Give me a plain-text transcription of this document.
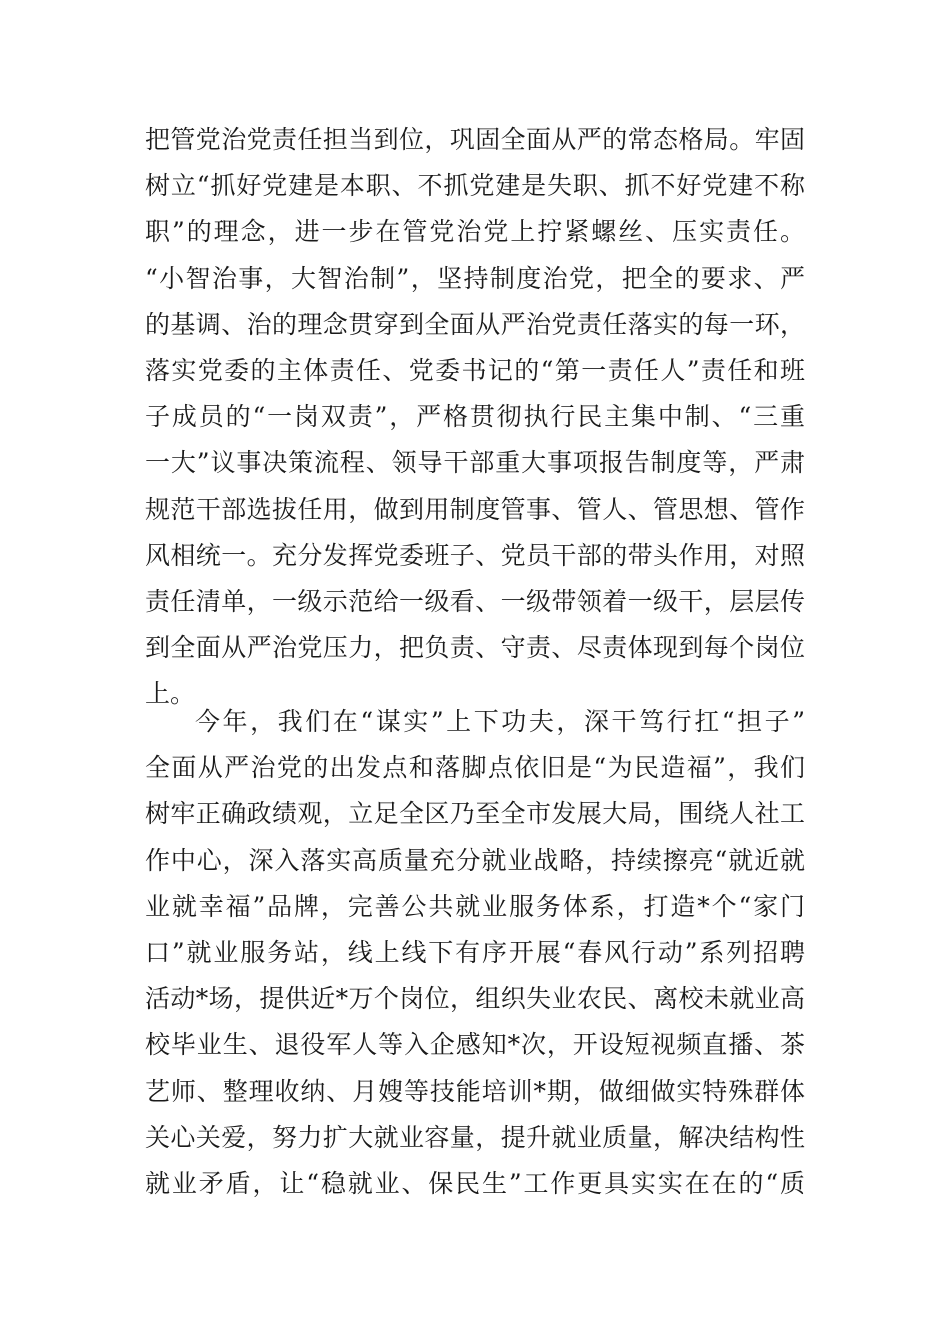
把管党治党责任担当到位，巩固全面从严的常态格局。牢固
树立“抓好党建是本职、不抓党建是失职、抓不好党建不称
职”的理念，进一步在管党治党上拧紧螺丝、压实责任。
“小智治事，大智治制”，坚持制度治党，把全的要求、严
的基调、治的理念贯穿到全面从严治党责任落实的每一环，
落实党委的主体责任、党委书记的“第一责任人”责任和班
子成员的“一岗双责”，严格贯彻执行民主集中制、“三重
一大”议事决策流程、领导干部重大事项报告制度等，严肃
规范干部选拔任用，做到用制度管事、管人、管思想、管作
风相统一。充分发挥党委班子、党员干部的带头作用，对照
责任清单，一级示范给一级看、一级带领着一级干，层层传
到全面从严治党压力，把负责、守责、尽责体现到每个岗位
上。
今年，我们在“谋实”上下功夫，深干笃行扛“担子”
全面从严治党的出发点和落脚点依旧是“为民造福”，我们
树牢正确政绩观，立足全区乃至全市发展大局，围绕人社工
作中心，深入落实高质量充分就业战略，持续擦亮“就近就
业就幸福”品牌，完善公共就业服务体系，打造*个“家门
口”就业服务站，线上线下有序开展“春风行动”系列招聘
活动*场，提供近*万个岗位，组织失业农民、离校未就业高
校毕业生、退役军人等入企感知*次，开设短视频直播、茶
艺师、整理收纳、月嫂等技能培训*期，做细做实特殊群体
关心关爱，努力扩大就业容量，提升就业质量，解决结构性
就业矛盾，让“稳就业、保民生”工作更具实实在在的“质
